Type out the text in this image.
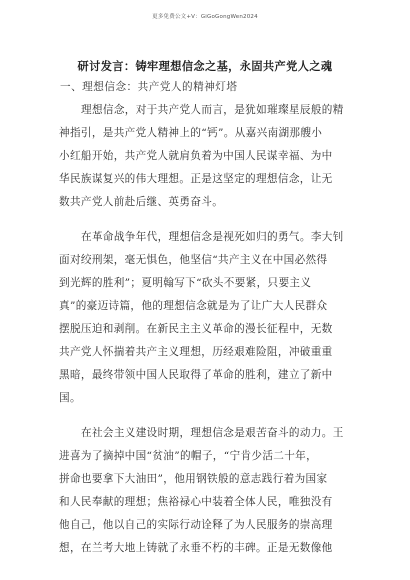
更多免费公文+V：GiGoGongWen2024
研讨发言：铸牢理想信念之基，永固共产党人之魂
一、理想信念：共产党人的精神灯塔
理想信念，对于共产党人而言，是犹如璀璨星辰般的精
神指引，是共产党人精神上的“钙”。从嘉兴南湖那艘小
小红船开始，共产党人就肩负着为中国人民谋幸福、为中
华民族谋复兴的伟大理想。正是这坚定的理想信念，让无
数共产党人前赴后继、英勇奋斗。
在革命战争年代，理想信念是视死如归的勇气。李大钊
面对绞刑架，毫无惧色，他坚信“共产主义在中国必然得
到光辉的胜利”；夏明翰写下“砍头不要紧，只要主义
真”的豪迈诗篇，他的理想信念就是为了让广大人民群众
摆脱压迫和剥削。在新民主主义革命的漫长征程中，无数
共产党人怀揣着共产主义理想，历经艰难险阻，冲破重重
黑暗，最终带领中国人民取得了革命的胜利，建立了新中
国。
在社会主义建设时期，理想信念是艰苦奋斗的动力。王
进喜为了摘掉中国“贫油”的帽子，“宁肯少活二十年，
拼命也要拿下大油田”，他用钢铁般的意志践行着为国家
和人民奉献的理想；焦裕禄心中装着全体人民，唯独没有
他自己，他以自己的实际行动诠释了为人民服务的崇高理
想，在兰考大地上铸就了永垂不朽的丰碑。正是无数像他
